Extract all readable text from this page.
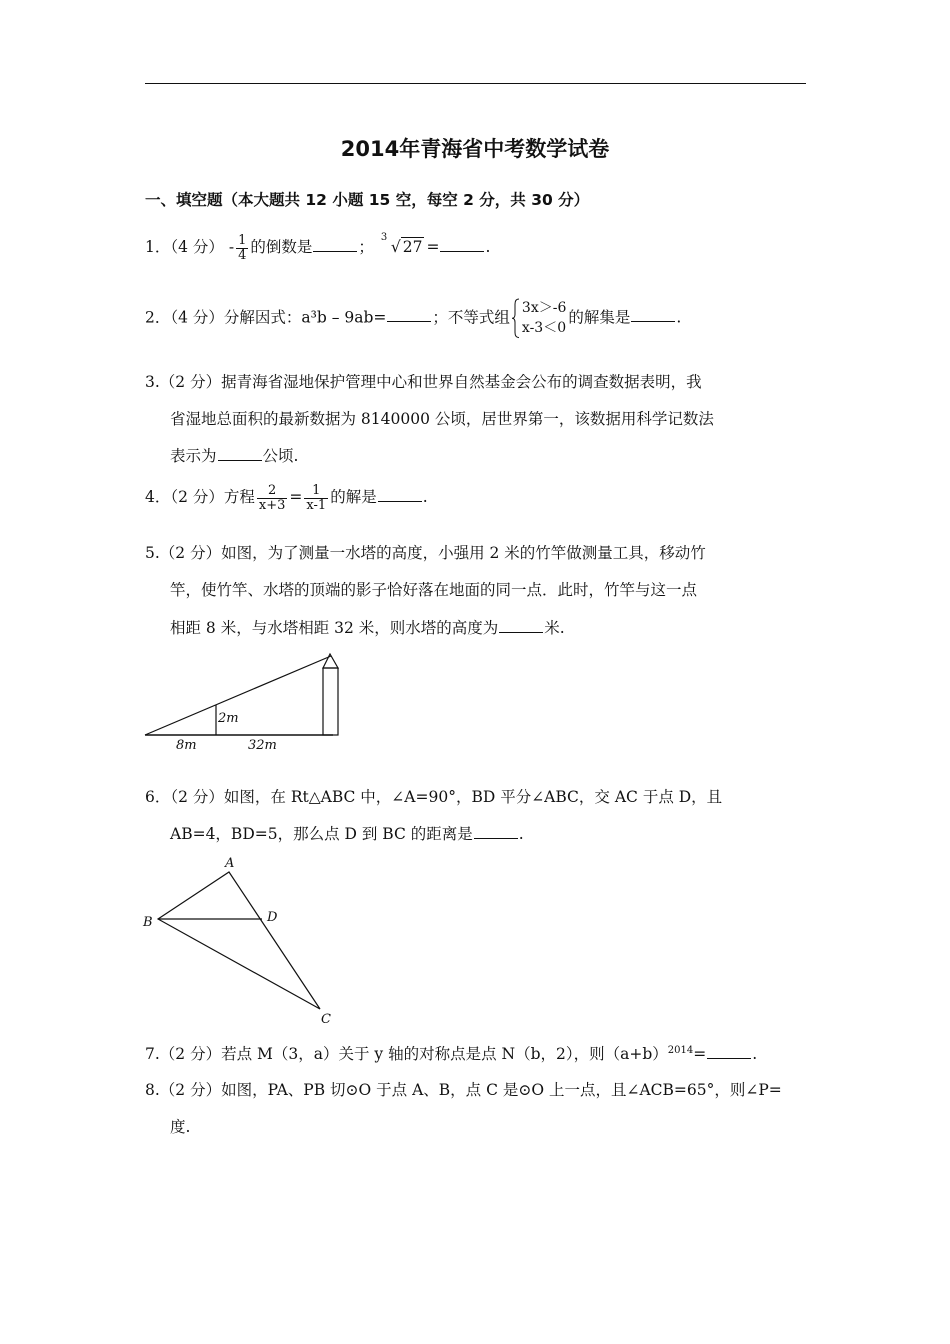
2014年青海省中考数学试卷
一、填空题（本大题共 12 小题 15 空，每空 2 分，共 30 分）
1．（4 分） - $\frac{1}{4}$ 的倒数是	；
3
√ 27 =	.
2．（4 分）分解因式：a³b – 9ab=	；不等式组
3x＞-6
x-3＜0
的解集是	.
3.（2 分）据青海省湿地保护管理中心和世界自然基金会公布的调查数据表明，我
省湿地总面积的最新数据为 8140000 公顷，居世界第一，该数据用科学记数法
表示为	公顷.
4．（2 分）方程 $\frac{2}{x+3} = \frac{1}{x-1}$ 的解是	.
5.（2 分）如图，为了测量一水塔的高度，小强用 2 米的竹竿做测量工具，移动竹
竿，使竹竿、水塔的顶端的影子恰好落在地面的同一点．此时，竹竿与这一点
相距 8 米，与水塔相距 32 米，则水塔的高度为	米.
2m
8m	32m
6．（2 分）如图，在 Rt△ABC 中，∠A=90°，BD 平分∠ABC，交 AC 于点 D，且
AB=4，BD=5，那么点 D 到 BC 的距离是	.
A
B	D
C
7.（2 分）若点 M（3，a）关于 y 轴的对称点是点 N（b，2），则$(a+b)^{2014}=$	.
8.（2 分）如图，PA、PB 切⊙O 于点 A、B，点 C 是⊙O 上一点，且∠ACB=65°，则∠P=
度.
